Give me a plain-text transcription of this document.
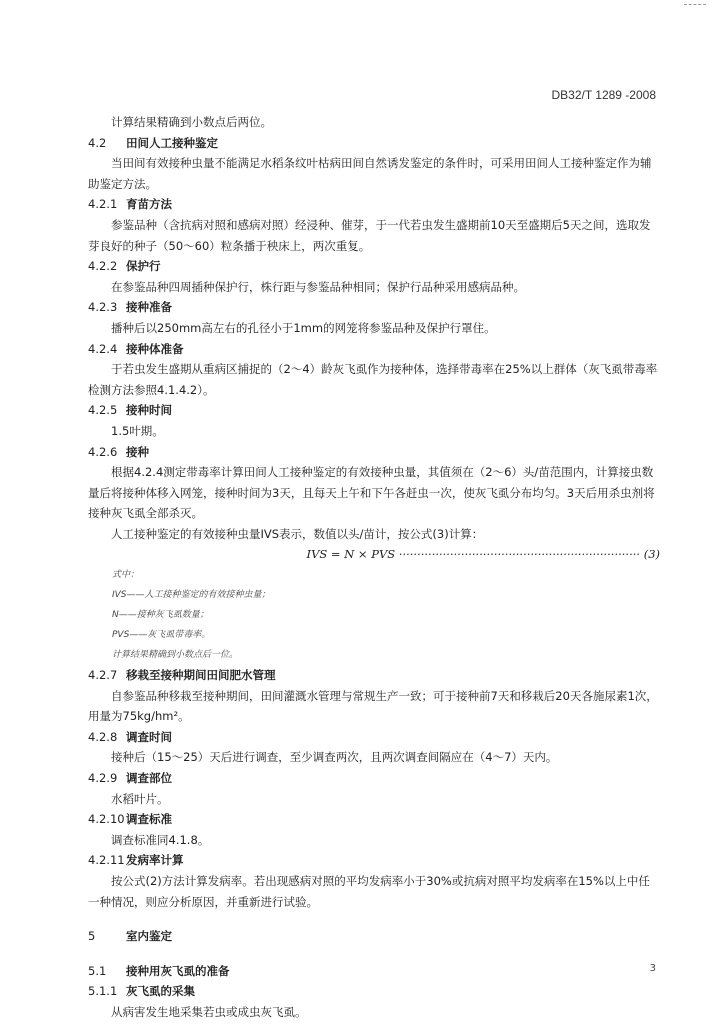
DB32/T 1289 -2008

计算结果精确到小数点后两位。

4.2 田间人工接种鉴定

当田间有效接种虫量不能满足水稻条纹叶枯病田间自然诱发鉴定的条件时，可采用田间人工接种鉴定作为辅助鉴定方法。

4.2.1 育苗方法

参鉴品种（含抗病对照和感病对照）经浸种、催芽，于一代若虫发生盛期前10天至盛期后5天之间，选取发芽良好的种子（50～60）粒条播于秧床上，两次重复。

4.2.2 保护行

在参鉴品种四周插种保护行，株行距与参鉴品种相同；保护行品种采用感病品种。

4.2.3 接种准备

播种后以250mm高左右的孔径小于1mm的网笼将参鉴品种及保护行罩住。

4.2.4 接种体准备

于若虫发生盛期从重病区捕捉的（2～4）龄灰飞虱作为接种体，选择带毒率在25%以上群体（灰飞虱带毒率检测方法参照4.1.4.2）。

4.2.5 接种时间

1.5叶期。

4.2.6 接种

根据4.2.4测定带毒率计算田间人工接种鉴定的有效接种虫量，其值须在（2～6）头/苗范围内，计算接虫数量后将接种体移入网笼，接种时间为3天，且每天上午和下午各赶虫一次，使灰飞虱分布均匀。3天后用杀虫剂将接种灰飞虱全部杀灭。

人工接种鉴定的有效接种虫量IVS表示，数值以头/苗计，按公式(3)计算：

IVS = N × PVS ·································································· (3)

式中：

IVS——人工接种鉴定的有效接种虫量；

N——接种灰飞虱数量；

PVS——灰飞虱带毒率。

计算结果精确到小数点后一位。

4.2.7 移栽至接种期间田间肥水管理

自参鉴品种移栽至接种期间，田间灌溉水管理与常规生产一致；可于接种前7天和移栽后20天各施尿素1次，用量为75kg/hm²。

4.2.8 调查时间

接种后（15～25）天后进行调查，至少调查两次，且两次调查间隔应在（4～7）天内。

4.2.9 调查部位

水稻叶片。

4.2.10调查标准

调查标准同4.1.8。

4.2.11发病率计算

按公式(2)方法计算发病率。若出现感病对照的平均发病率小于30%或抗病对照平均发病率在15%以上中任一种情况，则应分析原因，并重新进行试验。

5	室内鉴定

5.1 接种用灰飞虱的准备

5.1.1 灰飞虱的采集

从病害发生地采集若虫或成虫灰飞虱。

3
